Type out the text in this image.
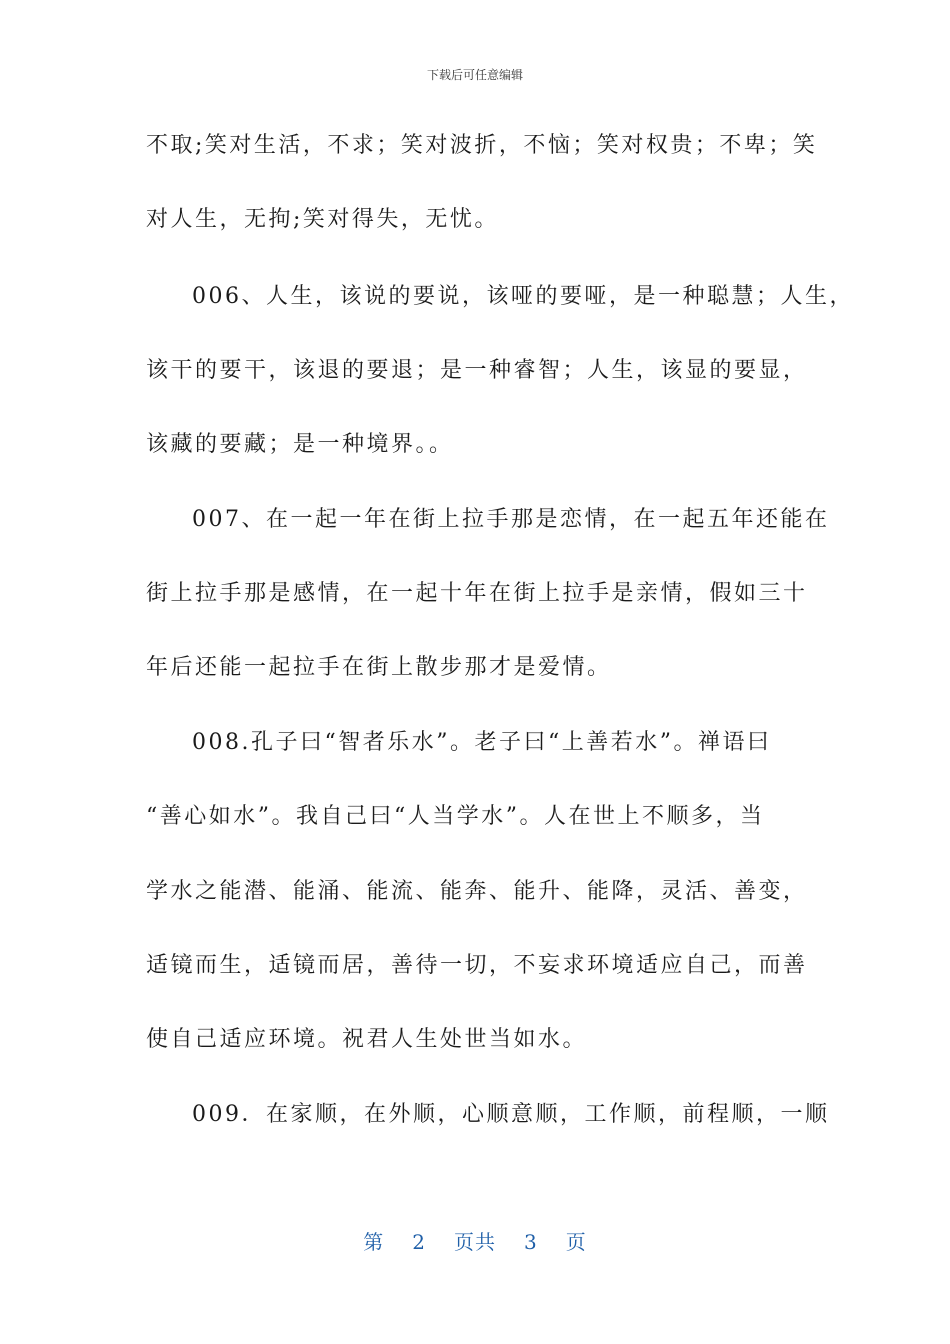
下载后可任意编辑
不取;笑对生活，不求；笑对波折，不恼；笑对权贵；不卑；笑
对人生，无拘;笑对得失，无忧。
006、人生，该说的要说，该哑的要哑，是一种聪慧；人生，
该干的要干，该退的要退；是一种睿智；人生，该显的要显，
该藏的要藏；是一种境界。。
007、在一起一年在街上拉手那是恋情，在一起五年还能在
街上拉手那是感情，在一起十年在街上拉手是亲情，假如三十
年后还能一起拉手在街上散步那才是爱情。
008.孔子曰“智者乐水”。老子曰“上善若水”。禅语曰
“善心如水”。我自己曰“人当学水”。人在世上不顺多，当
学水之能潜、能涌、能流、能奔、能升、能降，灵活、善变，
适镜而生，适镜而居，善待一切，不妄求环境适应自己，而善
使自己适应环境。祝君人生处世当如水。
009．在家顺，在外顺，心顺意顺，工作顺，前程顺，一顺
第 2 页共 3 页
